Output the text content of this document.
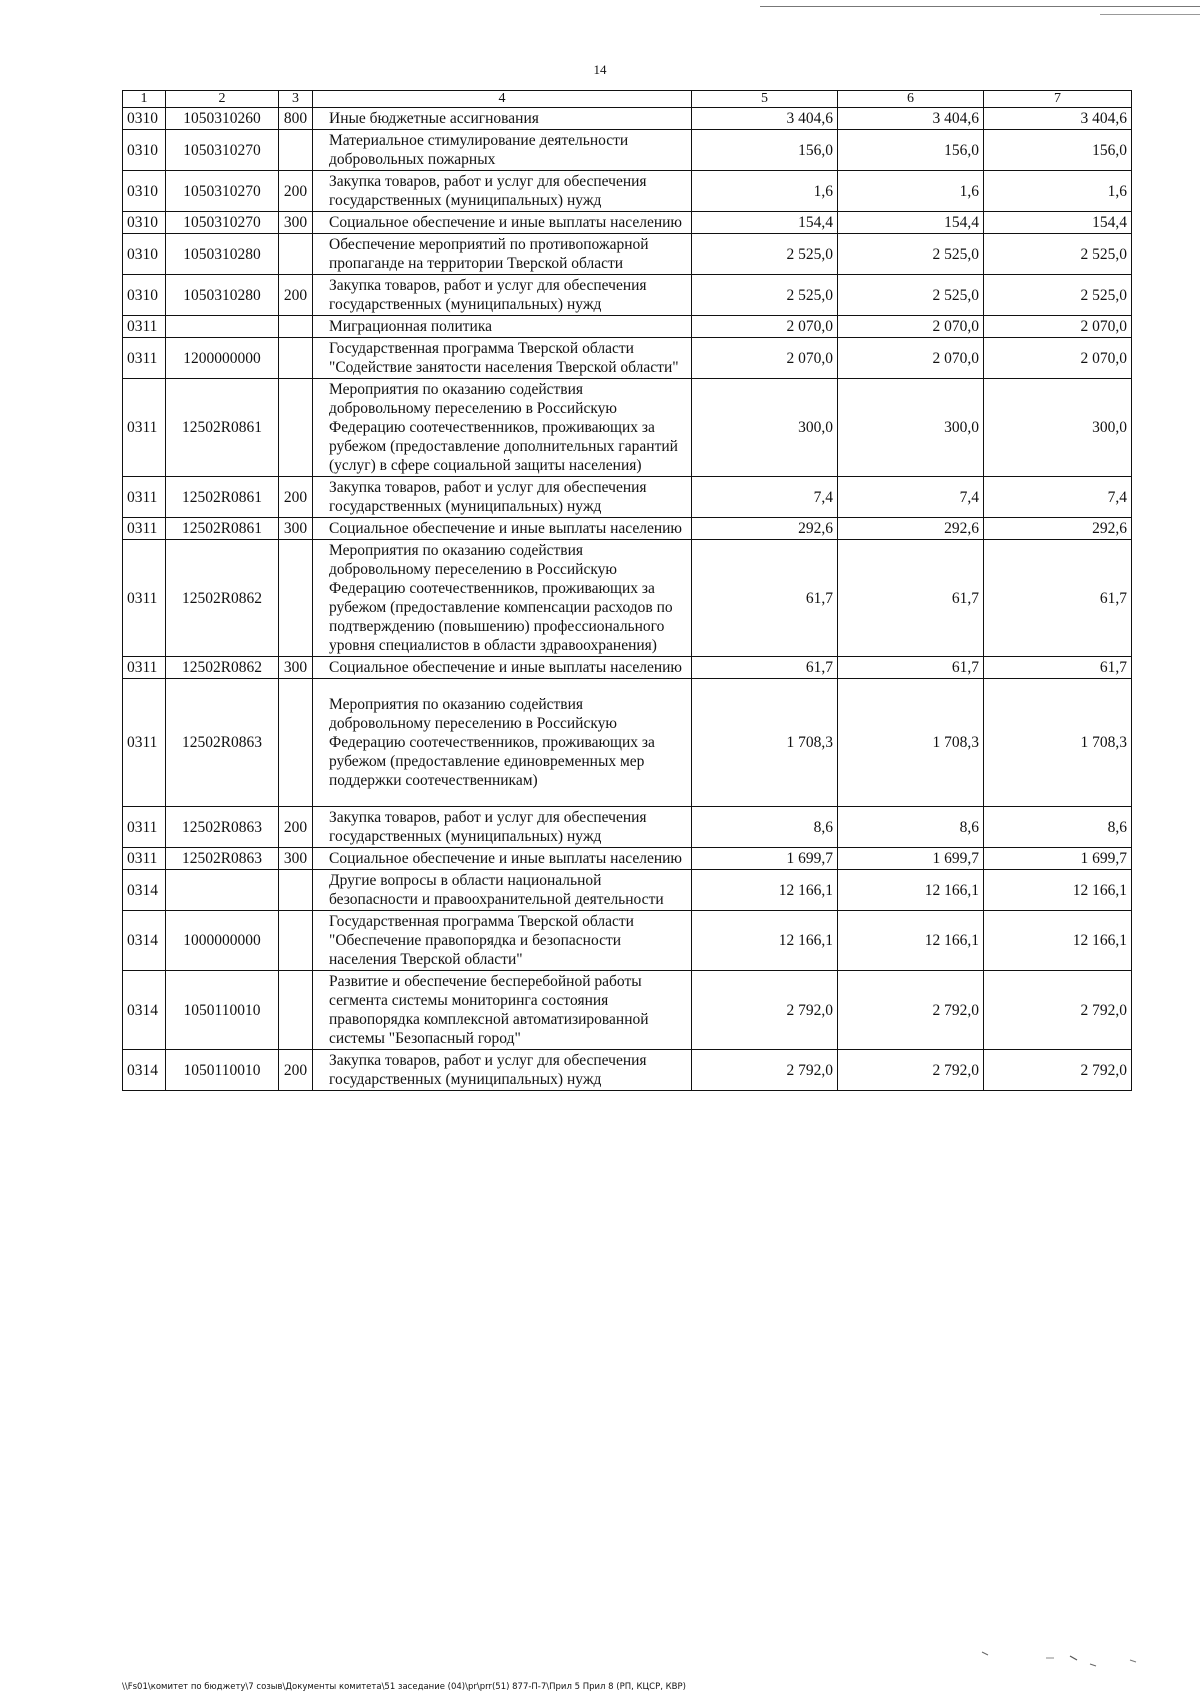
14
1	2	3	4	5	6	7
0310	1050310260	800	Иные бюджетные ассигнования	3 404,6	3 404,6	3 404,6
0310	1050310270		Материальное стимулирование деятельности добровольных пожарных	156,0	156,0	156,0
0310	1050310270	200	Закупка товаров, работ и услуг для обеспечения государственных (муниципальных) нужд	1,6	1,6	1,6
0310	1050310270	300	Социальное обеспечение и иные выплаты населению	154,4	154,4	154,4
0310	1050310280		Обеспечение мероприятий по противопожарной пропаганде на территории Тверской области	2 525,0	2 525,0	2 525,0
0310	1050310280	200	Закупка товаров, работ и услуг для обеспечения государственных (муниципальных) нужд	2 525,0	2 525,0	2 525,0
0311			Миграционная политика	2 070,0	2 070,0	2 070,0
0311	1200000000		Государственная программа Тверской области "Содействие занятости населения Тверской области"	2 070,0	2 070,0	2 070,0
0311	12502R0861		Мероприятия по оказанию содействия добровольному переселению в Российскую Федерацию соотечественников, проживающих за рубежом (предоставление дополнительных гарантий (услуг) в сфере социальной защиты населения)	300,0	300,0	300,0
0311	12502R0861	200	Закупка товаров, работ и услуг для обеспечения государственных (муниципальных) нужд	7,4	7,4	7,4
0311	12502R0861	300	Социальное обеспечение и иные выплаты населению	292,6	292,6	292,6
0311	12502R0862		Мероприятия по оказанию содействия добровольному переселению в Российскую Федерацию соотечественников, проживающих за рубежом (предоставление компенсации расходов по подтверждению (повышению) профессионального уровня специалистов в области здравоохранения)	61,7	61,7	61,7
0311	12502R0862	300	Социальное обеспечение и иные выплаты населению	61,7	61,7	61,7
0311	12502R0863		Мероприятия по оказанию содействия добровольному переселению в Российскую Федерацию соотечественников, проживающих за рубежом (предоставление единовременных мер поддержки соотечественникам)	1 708,3	1 708,3	1 708,3
0311	12502R0863	200	Закупка товаров, работ и услуг для обеспечения государственных (муниципальных) нужд	8,6	8,6	8,6
0311	12502R0863	300	Социальное обеспечение и иные выплаты населению	1 699,7	1 699,7	1 699,7
0314			Другие вопросы в области национальной безопасности и правоохранительной деятельности	12 166,1	12 166,1	12 166,1
0314	1000000000		Государственная программа Тверской области "Обеспечение правопорядка и безопасности населения Тверской области"	12 166,1	12 166,1	12 166,1
0314	1050110010		Развитие и обеспечение бесперебойной работы сегмента системы мониторинга состояния правопорядка комплексной автоматизированной системы "Безопасный город"	2 792,0	2 792,0	2 792,0
0314	1050110010	200	Закупка товаров, работ и услуг для обеспечения государственных (муниципальных) нужд	2 792,0	2 792,0	2 792,0
\\Fs01\комитет по бюджету\7 созыв\Документы комитета\51 заседание (04)\pr\prr(51) 877-П-7\Прил 5 Прил 8 (РП, КЦСР, КВР)
